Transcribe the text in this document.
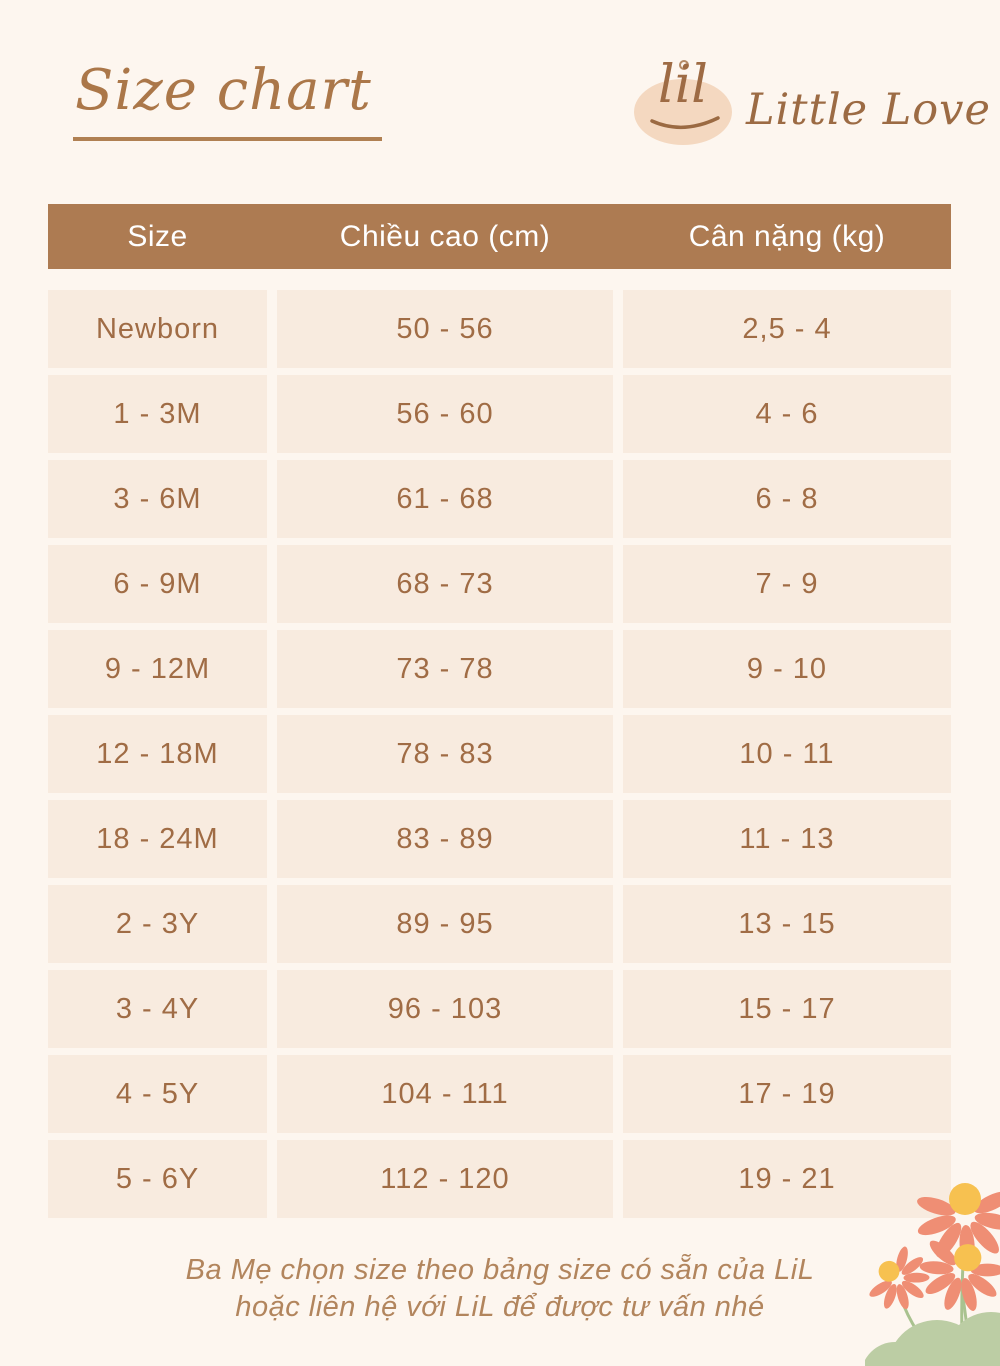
Size chart	lil Little Love
Size	Chiều cao (cm)	Cân nặng (kg)
Newborn	50 - 56	2,5 - 4
1 - 3M	56 - 60	4 - 6
3 - 6M	61 - 68	6 - 8
6 - 9M	68 - 73	7 - 9
9 - 12M	73 - 78	9 - 10
12 - 18M	78 - 83	10 - 11
18 - 24M	83 - 89	11 - 13
2 - 3Y	89 - 95	13 - 15
3 - 4Y	96 - 103	15 - 17
4 - 5Y	104 - 111	17 - 19
5 - 6Y	112 - 120	19 - 21
Ba Mẹ chọn size theo bảng size có sẵn của LiL
hoặc liên hệ với LiL để được tư vấn nhé
